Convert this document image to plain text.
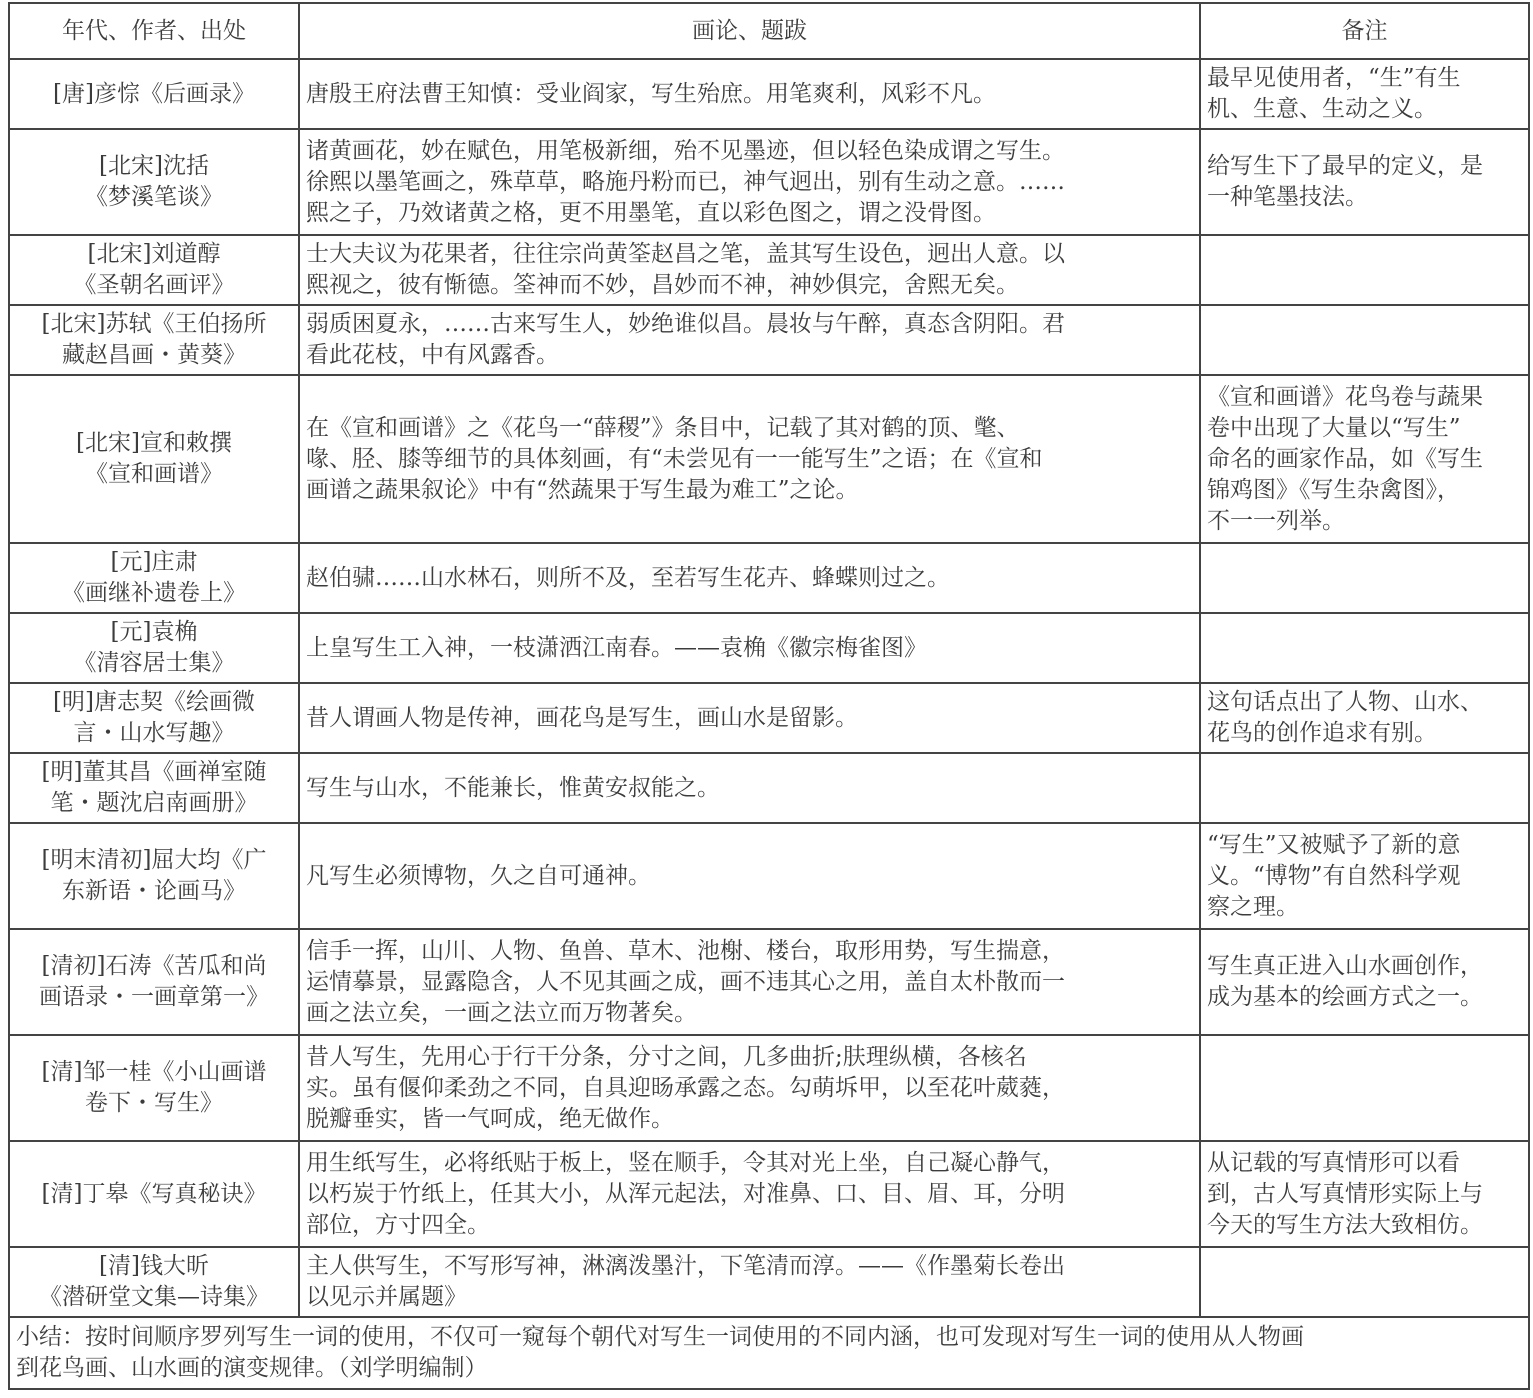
年代、作者、出处	画论、题跋	备注

[唐]彦悰《后画录》	唐殷王府法曹王知慎：受业阎家，写生殆庶。用笔爽利，风彩不凡。	最早见使用者，“生”有生
机、生意、生动之义。

[北宋]沈括
《梦溪笔谈》	诸黄画花，妙在赋色，用笔极新细，殆不见墨迹，但以轻色染成谓之写生。
徐熙以墨笔画之，殊草草，略施丹粉而已，神气迥出，别有生动之意。……
熙之子，乃效诸黄之格，更不用墨笔，直以彩色图之，谓之没骨图。	给写生下了最早的定义，是
一种笔墨技法。

[北宋]刘道醇
《圣朝名画评》	士大夫议为花果者，往往宗尚黄筌赵昌之笔，盖其写生设色，迥出人意。以
熙视之，彼有惭德。筌神而不妙，昌妙而不神，神妙俱完，舍熙无矣。	

[北宋]苏轼《王伯扬所
藏赵昌画・黄葵》	弱质困夏永，……古来写生人，妙绝谁似昌。晨妆与午醉，真态含阴阳。君
看此花枝，中有风露香。	

[北宋]宣和敕撰
《宣和画谱》	在《宣和画谱》之《花鸟一“薛稷”》条目中，记载了其对鹤的顶、氅、
喙、胫、膝等细节的具体刻画，有“未尝见有一一能写生”之语；在《宣和
画谱之蔬果叙论》中有“然蔬果于写生最为难工”之论。	《宣和画谱》花鸟卷与蔬果
卷中出现了大量以“写生”
命名的画家作品，如《写生
锦鸡图》《写生杂禽图》，
不一一列举。

[元]庄肃
《画继补遗卷上》	赵伯骕……山水林石，则所不及，至若写生花卉、蜂蝶则过之。	

[元]袁桷
《清容居士集》	上皇写生工入神，一枝潇洒江南春。——袁桷《徽宗梅雀图》	

[明]唐志契《绘画微
言・山水写趣》	昔人谓画人物是传神，画花鸟是写生，画山水是留影。	这句话点出了人物、山水、
花鸟的创作追求有别。

[明]董其昌《画禅室随
笔・题沈启南画册》	写生与山水，不能兼长，惟黄安叔能之。	

[明末清初]屈大均《广
东新语・论画马》	凡写生必须博物，久之自可通神。	“写生”又被赋予了新的意
义。“博物”有自然科学观
察之理。

[清初]石涛《苦瓜和尚
画语录・一画章第一》	信手一挥，山川、人物、鱼兽、草木、池榭、楼台，取形用势，写生揣意，
运情摹景，显露隐含，人不见其画之成，画不违其心之用，盖自太朴散而一
画之法立矣，一画之法立而万物著矣。	写生真正进入山水画创作，
成为基本的绘画方式之一。

[清]邹一桂《小山画谱
卷下・写生》	昔人写生，先用心于行干分条，分寸之间，几多曲折;肤理纵横，各核名
实。虽有偃仰柔劲之不同，自具迎旸承露之态。勾萌坼甲，以至花叶葳蕤，
脱瓣垂实，皆一气呵成，绝无做作。	

[清]丁皋《写真秘诀》	用生纸写生，必将纸贴于板上，竖在顺手，令其对光上坐，自己凝心静气，
以朽炭于竹纸上，任其大小，从浑元起法，对准鼻、口、目、眉、耳，分明
部位，方寸四全。	从记载的写真情形可以看
到，古人写真情形实际上与
今天的写生方法大致相仿。

[清]钱大昕
《潜研堂文集—诗集》	主人供写生，不写形写神，淋漓泼墨汁，下笔清而淳。——《作墨菊长卷出
以见示并属题》	

小结：按时间顺序罗列写生一词的使用，不仅可一窥每个朝代对写生一词使用的不同内涵，也可发现对写生一词的使用从人物画
到花鸟画、山水画的演变规律。（刘学明编制）		
